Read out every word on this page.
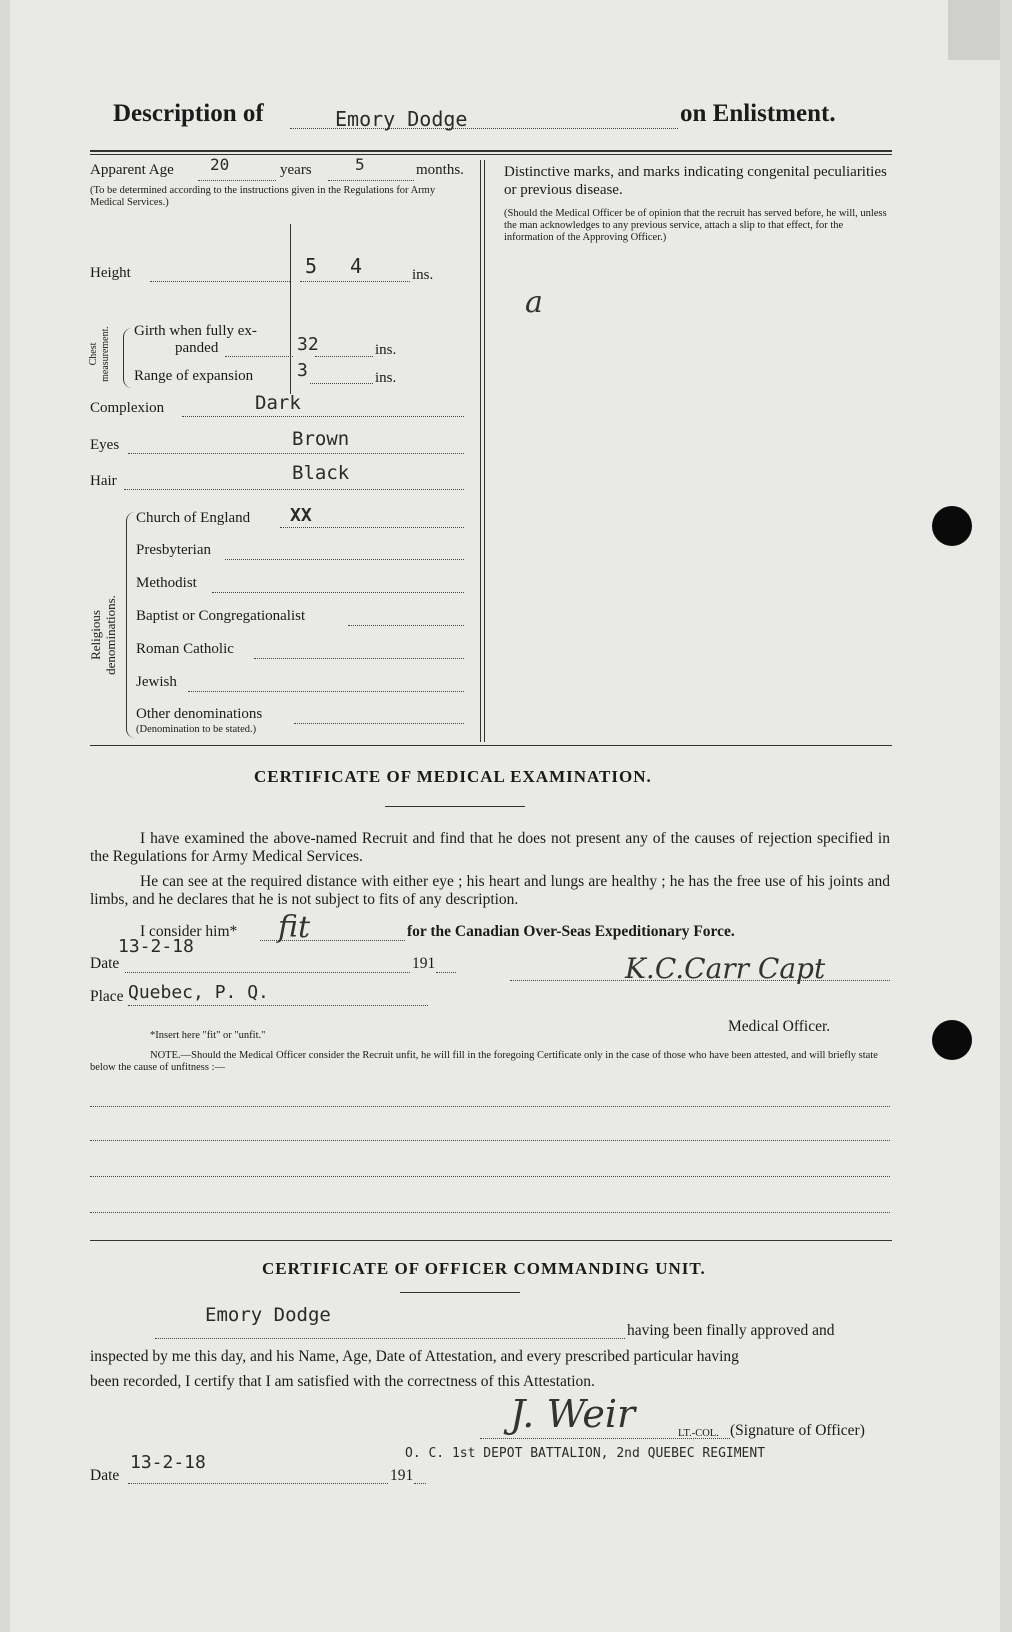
Description of	Emory Dodge	on Enlistment.
Apparent Age 20	years	5	months.
(To be determined according to the instructions given in the Regulations for Army Medical Services.)
Height	5 4	ins.
Chest measurement. Girth when fully ex-
panded	32	ins.
Range of expansion 3	ins.
Complexion	Dark
Eyes	Brown
Hair	Black
Religious denominations.
Church of England XX
Presbyterian
Methodist
Baptist or Congregationalist
Roman Catholic
Jewish
Other denominations
(Denomination to be stated.)
Distinctive marks, and marks indicating congenital peculiarities or previous disease.
(Should the Medical Officer be of opinion that the recruit has served before, he will, unless the man acknowledges to any previous service, attach a slip to that effect, for the information of the Approving Officer.)
a
CERTIFICATE OF MEDICAL EXAMINATION.
I have examined the above-named Recruit and find that he does not present any of the causes of rejection specified in the Regulations for Army Medical Services.
He can see at the required distance with either eye ; his heart and lungs are healthy ; he has the free use of his joints and limbs, and he declares that he is not subject to fits of any description.
I consider him* fit	for the Canadian Over-Seas Expeditionary Force.
13-2-18
Date	191	K.C.Carr Capt
Place Quebec, P. Q.
Medical Officer.
*Insert here "fit" or "unfit."
NOTE.—Should the Medical Officer consider the Recruit unfit, he will fill in the foregoing Certificate only in the case of those who have been attested, and will briefly state below the cause of unfitness :—
CERTIFICATE OF OFFICER COMMANDING UNIT.
Emory Dodge
having been finally approved and
inspected by me this day, and his Name, Age, Date of Attestation, and every prescribed particular having
been recorded, I certify that I am satisfied with the correctness of this Attestation.
J. Weir	LT.-COL. (Signature of Officer)
O. C. 1st DEPOT BATTALION, 2nd QUEBEC REGIMENT
13-2-18
Date	191
